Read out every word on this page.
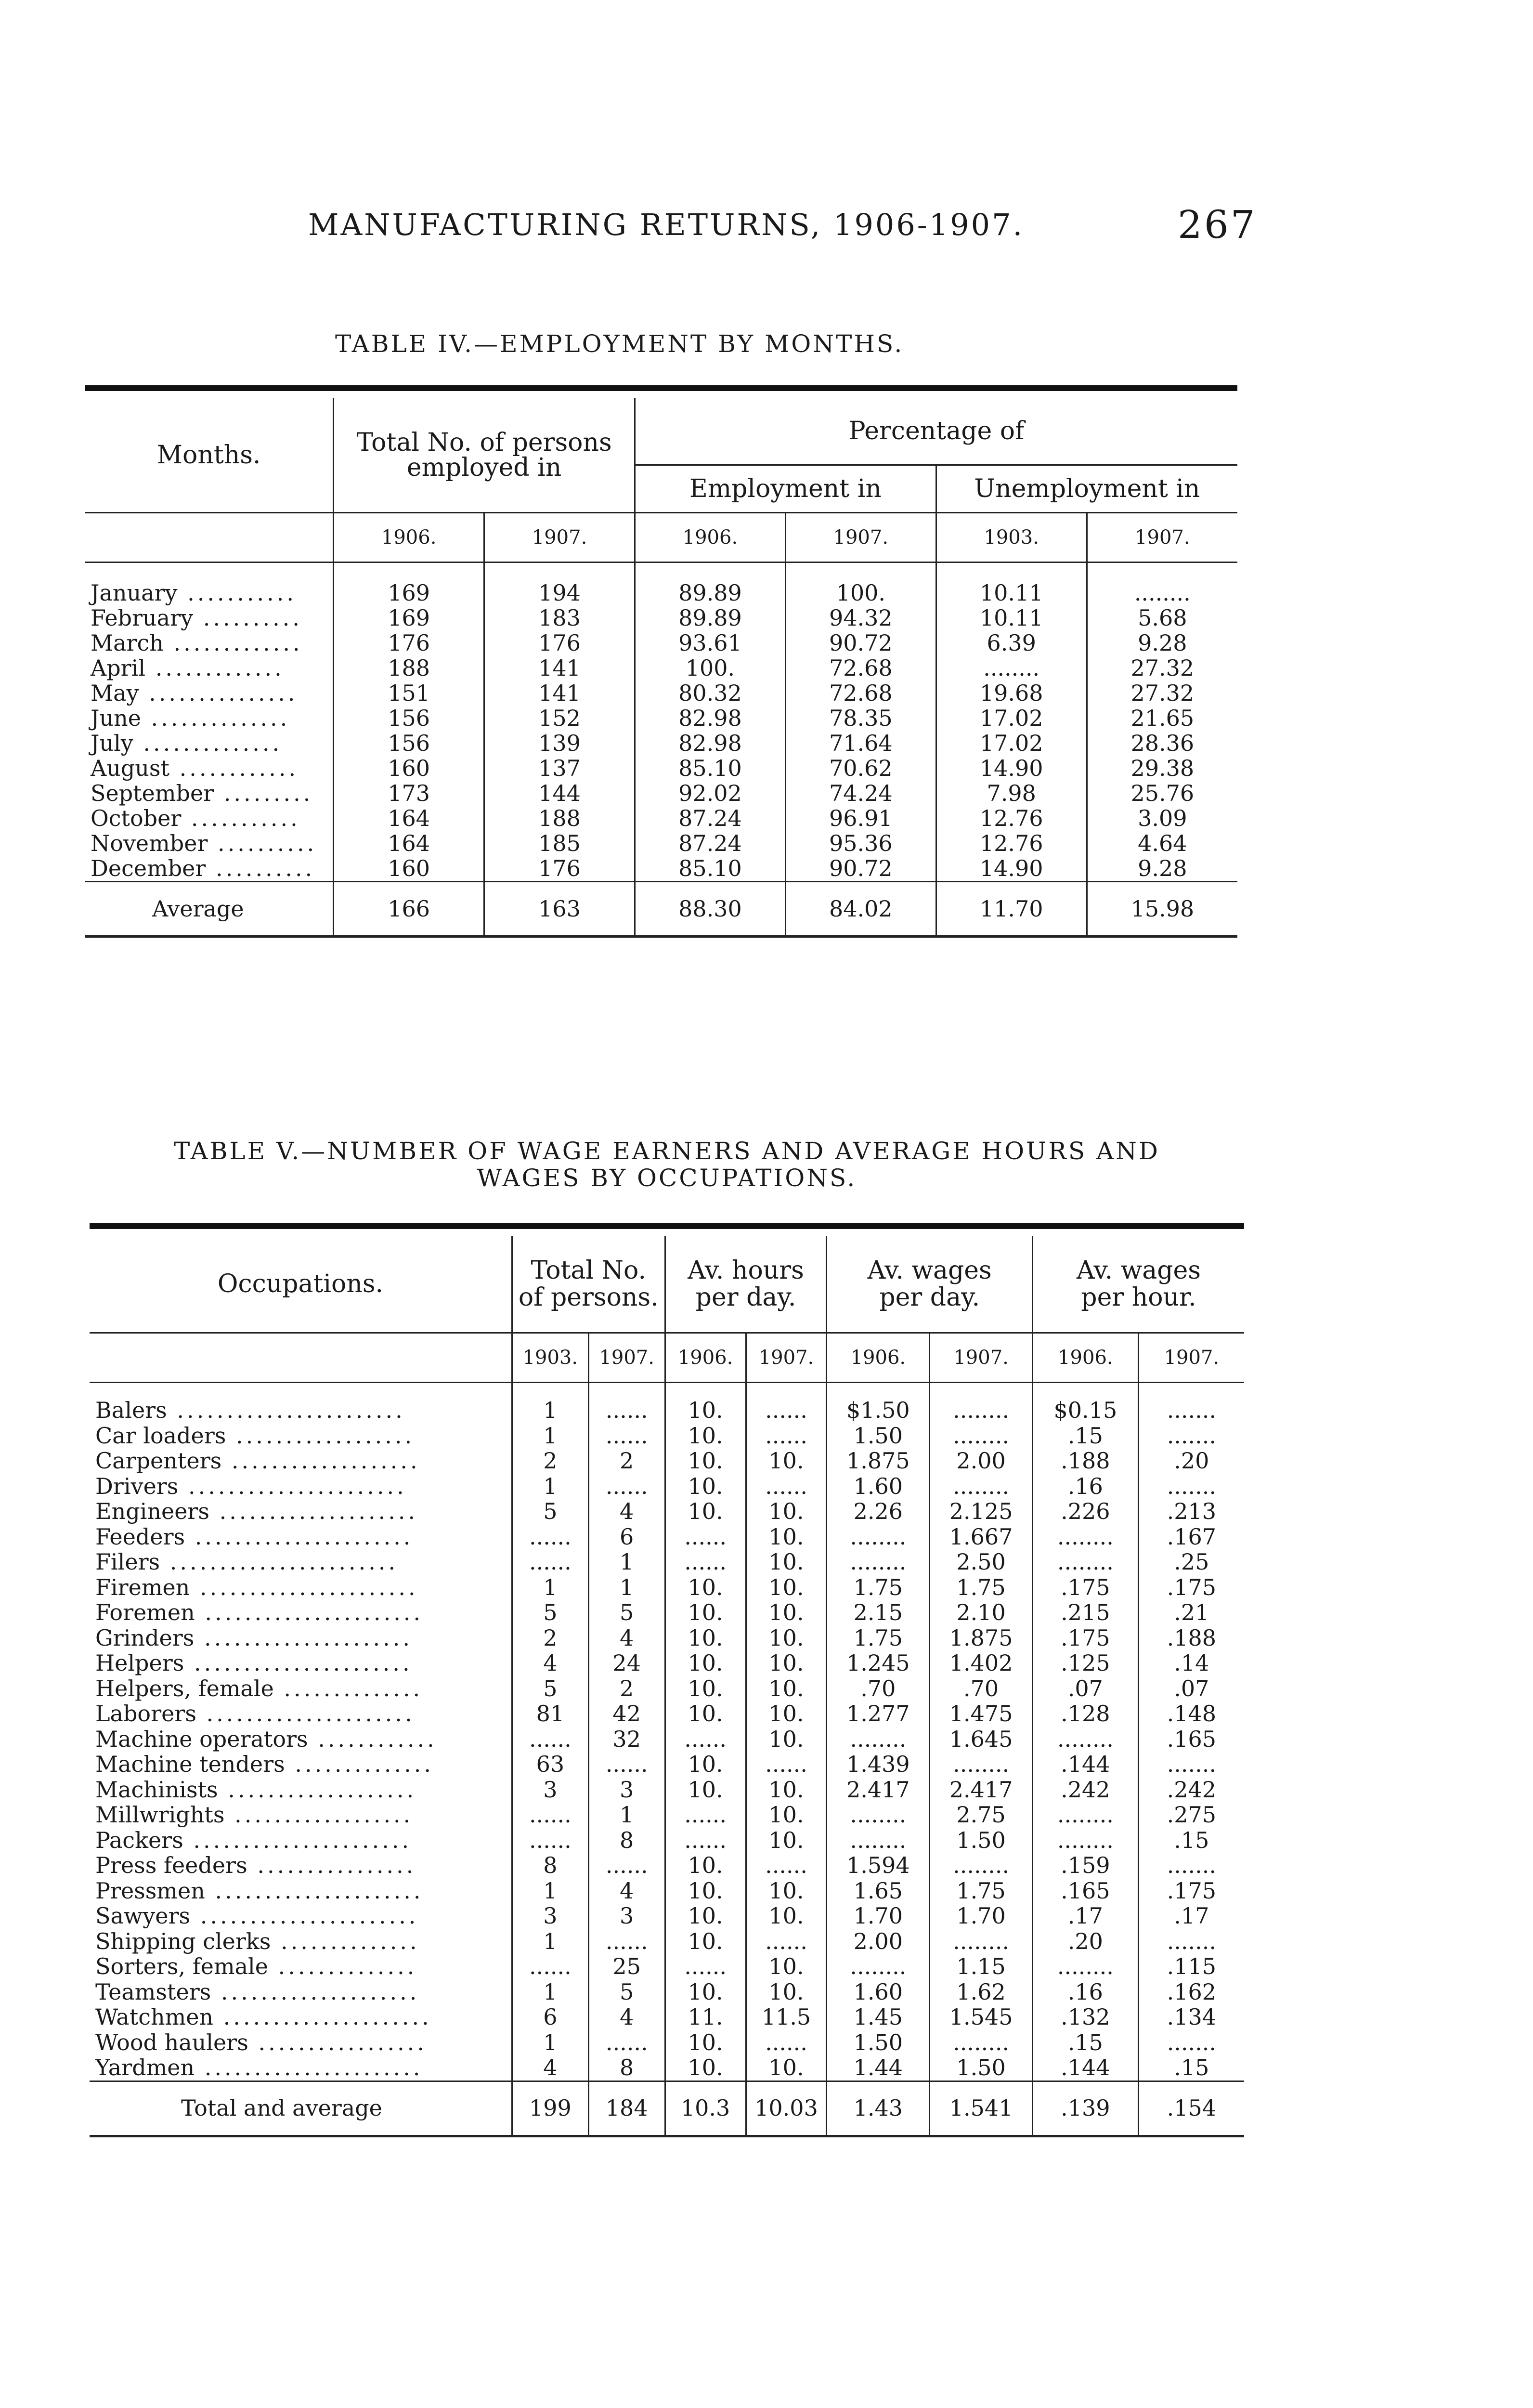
MANUFACTURING RETURNS, 1906-1907.	267
TABLE IV.—EMPLOYMENT BY MONTHS.

Months.	Total No. of persons
employed in		Percentage of			
			Employment in		Unemployment in	
	1906.	1907.	1906.	1907.	1903.	1907.
January ...........	169	194	89.89	100.	10.11	........
February ..........	169	183	89.89	94.32	10.11	5.68
March .............	176	176	93.61	90.72	6.39	9.28
April .............	188	141	100.	72.68	........	27.32
May ...............	151	141	80.32	72.68	19.68	27.32
June ..............	156	152	82.98	78.35	17.02	21.65
July ..............	156	139	82.98	71.64	17.02	28.36
August ............	160	137	85.10	70.62	14.90	29.38
September .........	173	144	92.02	74.24	7.98	25.76
October ...........	164	188	87.24	96.91	12.76	3.09
November ..........	164	185	87.24	95.36	12.76	4.64
December ..........	160	176	85.10	90.72	14.90	9.28
Average	166	163	88.30	84.02	11.70	15.98
TABLE V.—NUMBER OF WAGE EARNERS AND AVERAGE HOURS AND
WAGES BY OCCUPATIONS.

Occupations.	Total No.
of persons.		Av. hours
per day.		Av. wages
per day.		Av. wages
per hour.	
	1903.	1907.	1906.	1907.	1906.	1907.	1906.	1907.
Balers .......................	1	......	10.	......	$1.50	........	$0.15	.......
Car loaders ..................	1	......	10.	......	1.50	........	.15	.......
Carpenters ...................	2	2	10.	10.	1.875	2.00	.188	.20
Drivers ......................	1	......	10.	......	1.60	........	.16	.......
Engineers ....................	5	4	10.	10.	2.26	2.125	.226	.213
Feeders ......................	......	6	......	10.	........	1.667	........	.167
Filers .......................	......	1	......	10.	........	2.50	........	.25
Firemen ......................	1	1	10.	10.	1.75	1.75	.175	.175
Foremen ......................	5	5	10.	10.	2.15	2.10	.215	.21
Grinders .....................	2	4	10.	10.	1.75	1.875	.175	.188
Helpers ......................	4	24	10.	10.	1.245	1.402	.125	.14
Helpers, female ..............	5	2	10.	10.	.70	.70	.07	.07
Laborers .....................	81	42	10.	10.	1.277	1.475	.128	.148
Machine operators ............	......	32	......	10.	........	1.645	........	.165
Machine tenders ..............	63	......	10.	......	1.439	........	.144	.......
Machinists ...................	3	3	10.	10.	2.417	2.417	.242	.242
Millwrights ..................	......	1	......	10.	........	2.75	........	.275
Packers ......................	......	8	......	10.	........	1.50	........	.15
Press feeders ................	8	......	10.	......	1.594	........	.159	.......
Pressmen .....................	1	4	10.	10.	1.65	1.75	.165	.175
Sawyers ......................	3	3	10.	10.	1.70	1.70	.17	.17
Shipping clerks ..............	1	......	10.	......	2.00	........	.20	.......
Sorters, female ..............	......	25	......	10.	........	1.15	........	.115
Teamsters ....................	1	5	10.	10.	1.60	1.62	.16	.162
Watchmen .....................	6	4	11.	11.5	1.45	1.545	.132	.134
Wood haulers .................	1	......	10.	......	1.50	........	.15	.......
Yardmen ......................	4	8	10.	10.	1.44	1.50	.144	.15
Total and average	199	184	10.3	10.03	1.43	1.541	.139	.154
